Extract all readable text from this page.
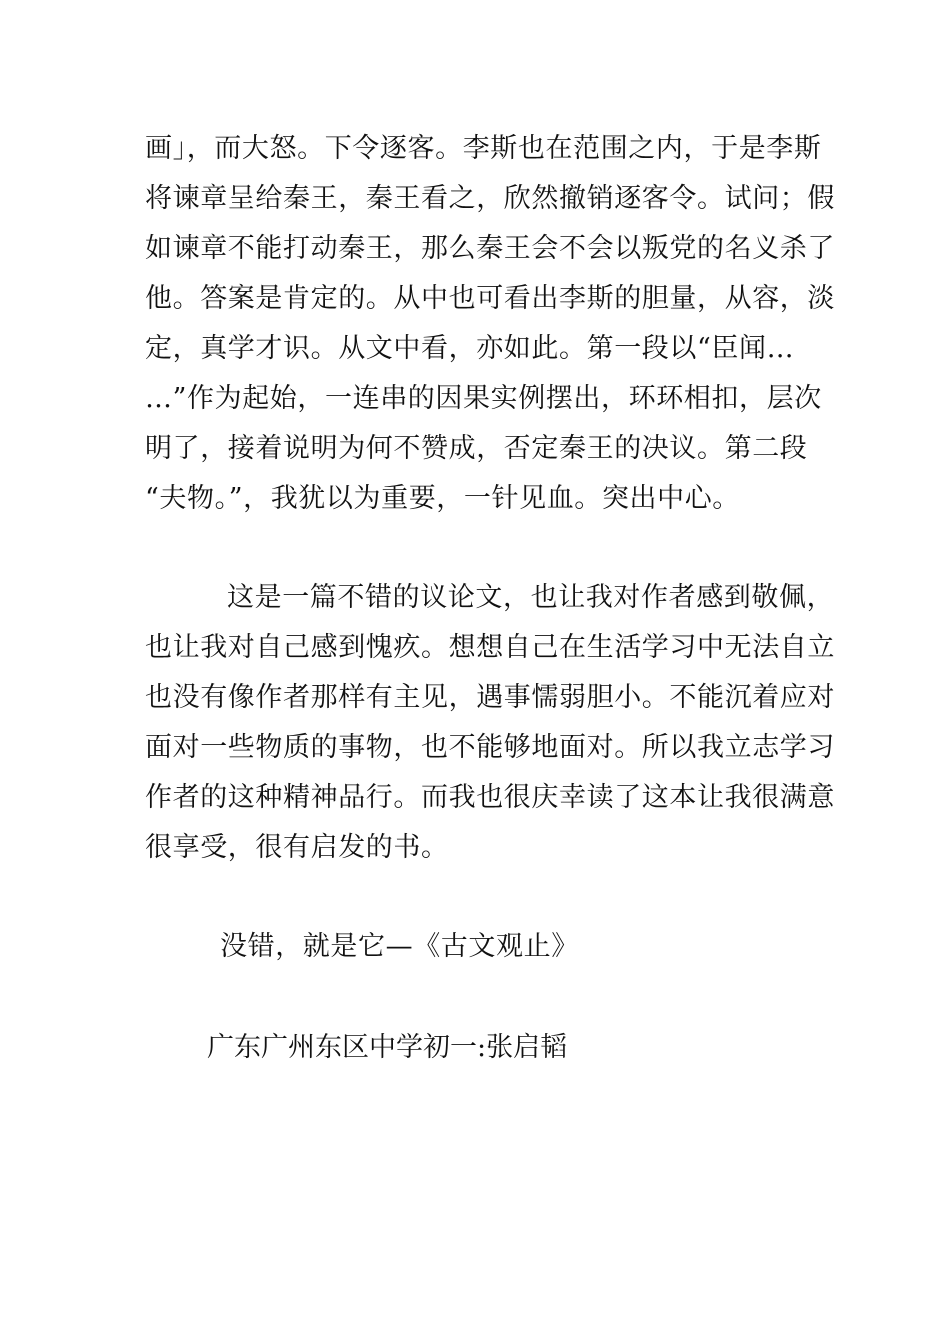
画」，而大怒。下令逐客。李斯也在范围之内，于是李斯
将谏章呈给秦王，秦王看之，欣然撤销逐客令。试问；假
如谏章不能打动秦王，那么秦王会不会以叛党的名义杀了
他。答案是肯定的。从中也可看出李斯的胆量，从容，淡
定，真学才识。从文中看，亦如此。第一段以“臣闻…
…”作为起始，一连串的因果实例摆出，环环相扣，层次
明了，接着说明为何不赞成，否定秦王的决议。第二段
“夫物。”，我犹以为重要，一针见血。突出中心。
这是一篇不错的议论文，也让我对作者感到敬佩，
也让我对自己感到愧疚。想想自己在生活学习中无法自立
也没有像作者那样有主见，遇事懦弱胆小。不能沉着应对
面对一些物质的事物，也不能够地面对。所以我立志学习
作者的这种精神品行。而我也很庆幸读了这本让我很满意
很享受，很有启发的书。
没错，就是它—《古文观止》
广东广州东区中学初一:张启韬
